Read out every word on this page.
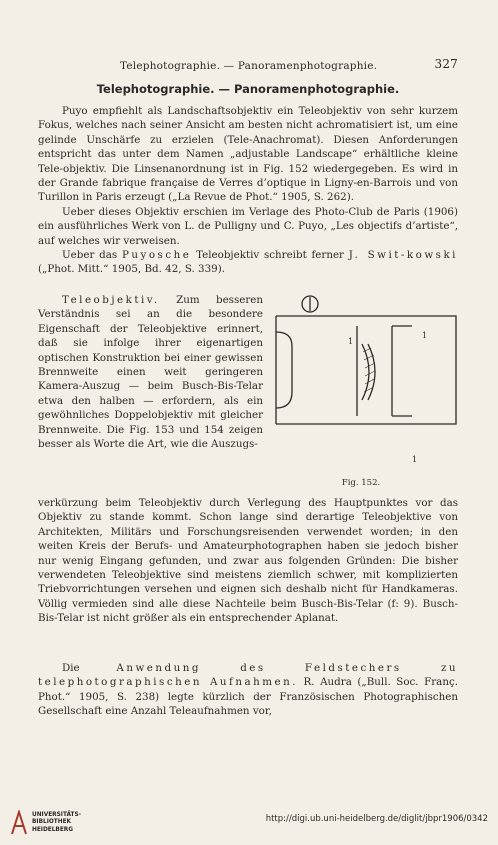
Telephotographie. — Panoramenphotographie.	327
Telephotographie. — Panoramenphotographie.

Puyo empfiehlt als Landschaftsobjektiv ein Teleobjektiv von sehr kurzem Fokus, welches nach seiner Ansicht am besten nicht achromatisiert ist, um eine gelinde Unschärfe zu erzielen (Tele-Anachromat). Diesen Anforderungen entspricht das unter dem Namen „adjustable Landscape“ erhältliche kleine Tele-objektiv. Die Linsenanordnung ist in Fig. 152 wiedergegeben. Es wird in der Grande fabrique française de Verres d’optique in Ligny-en-Barrois und von Turillon in Paris erzeugt („La Revue de Phot.“ 1905, S. 262).

Ueber dieses Objektiv erschien im Verlage des Photo-Club de Paris (1906) ein ausführliches Werk von L. de Pulligny und C. Puyo, „Les objectifs d’artiste“, auf welches wir verweisen.

Ueber das Puyosche Teleobjektiv schreibt ferner J. Swit-kowski („Phot. Mitt.“ 1905, Bd. 42, S. 339).

Teleobjektiv. Zum besseren Verständnis sei an die besondere Eigenschaft der Teleobjektive erinnert, daß sie infolge ihrer eigenartigen optischen Konstruktion bei einer gewissen Brennweite einen weit geringeren Kamera-Auszug — beim Busch-Bis-Telar etwa den halben — erfordern, als ein gewöhnliches Doppelobjektiv mit gleicher Brennweite. Die Fig. 153 und 154 zeigen besser als Worte die Art, wie die Auszugs-

1
1
1
Fig. 152.

verkürzung beim Teleobjektiv durch Verlegung des Hauptpunktes vor das Objektiv zu stande kommt. Schon lange sind derartige Teleobjektive von Architekten, Militärs und Forschungsreisenden verwendet worden; in den weiten Kreis der Berufs- und Amateurphotographen haben sie jedoch bisher nur wenig Eingang gefunden, und zwar aus folgenden Gründen: Die bisher verwendeten Teleobjektive sind meistens ziemlich schwer, mit komplizierten Triebvorrichtungen versehen und eignen sich deshalb nicht für Handkameras. Völlig vermieden sind alle diese Nachteile beim Busch-Bis-Telar (f: 9). Busch-Bis-Telar ist nicht größer als ein entsprechender Aplanat.

Die Anwendung des Feldstechers zu telephotographischen Aufnahmen. R. Audra („Bull. Soc. Franç. Phot.“ 1905, S. 238) legte kürzlich der Französischen Photographischen Gesellschaft eine Anzahl Teleaufnahmen vor,

UNIVERSITÄTS-
BIBLIOTHEK
HEIDELBERG
http://digi.ub.uni-heidelberg.de/diglit/jbpr1906/0342
